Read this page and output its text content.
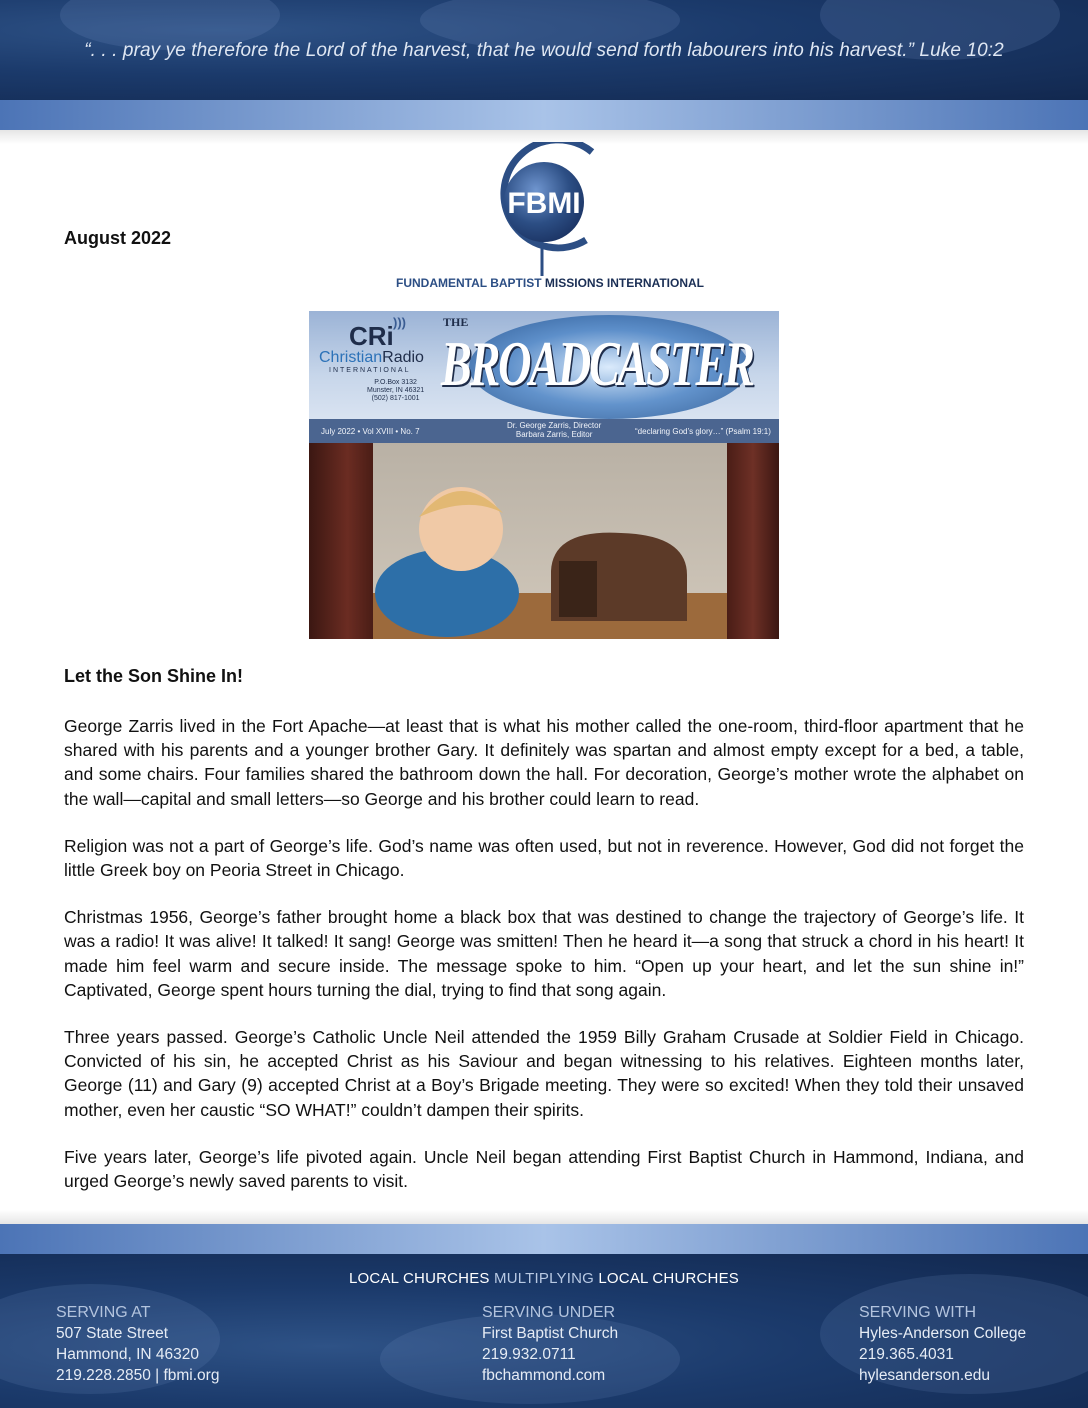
“. . . pray ye therefore the Lord of the harvest, that he would send forth labourers into his harvest.” Luke 10:2
FBMI
FUNDAMENTAL BAPTIST MISSIONS INTERNATIONAL
August 2022
CRi )))
ChristianRadio
INTERNATIONAL
P.O.Box 3132
Munster, IN 46321
(502) 817-1001
THE
BROADCASTER
July 2022 • Vol XVIII • No. 7
Dr. George Zarris, Director
Barbara Zarris, Editor	“declaring God’s glory…” (Psalm 19:1)
Let the Son Shine In!

George Zarris lived in the Fort Apache—at least that is what his mother called the one-room, third-floor apartment that he shared with his parents and a younger brother Gary. It definitely was spartan and almost empty except for a bed, a table, and some chairs. Four families shared the bathroom down the hall. For decoration, George’s mother wrote the alphabet on the wall—capital and small letters—so George and his brother could learn to read.

Religion was not a part of George’s life. God’s name was often used, but not in reverence. However, God did not forget the little Greek boy on Peoria Street in Chicago.

Christmas 1956, George’s father brought home a black box that was destined to change the trajectory of George’s life. It was a radio! It was alive! It talked! It sang! George was smitten! Then he heard it—a song that struck a chord in his heart! It made him feel warm and secure inside. The message spoke to him. “Open up your heart, and let the sun shine in!” Captivated, George spent hours turning the dial, trying to find that song again.

Three years passed. George’s Catholic Uncle Neil attended the 1959 Billy Graham Crusade at Soldier Field in Chicago. Convicted of his sin, he accepted Christ as his Saviour and began witnessing to his relatives. Eighteen months later, George (11) and Gary (9) accepted Christ at a Boy’s Brigade meeting. They were so excited! When they told their unsaved mother, even her caustic “SO WHAT!” couldn’t dampen their spirits.

Five years later, George’s life pivoted again. Uncle Neil began attending First Baptist Church in Hammond, Indiana, and urged George’s newly saved parents to visit.

LOCAL CHURCHES MULTIPLYING LOCAL CHURCHES
SERVING AT
507 State Street
Hammond, IN 46320
219.228.2850 | fbmi.org
SERVING UNDER
First Baptist Church
219.932.0711
fbchammond.com
SERVING WITH
Hyles-Anderson College
219.365.4031
hylesanderson.edu
